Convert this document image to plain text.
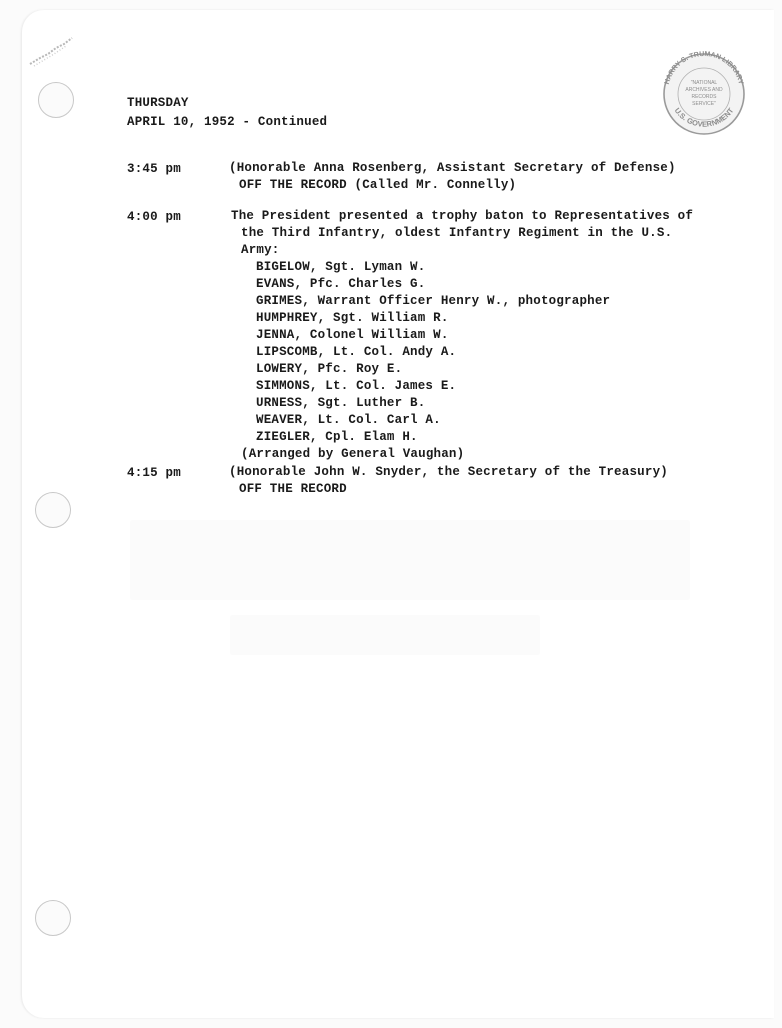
HARRY S. TRUMAN LIBRARY
U.S. GOVERNMENT
"NATIONAL
ARCHIVES AND
RECORDS
SERVICE"
THURSDAY
APRIL 10, 1952 - Continued
3:45 pm	(Honorable Anna Rosenberg, Assistant Secretary of Defense)
OFF THE RECORD (Called Mr. Connelly)
4:00 pm	The President presented a trophy baton to Representatives of
the Third Infantry, oldest Infantry Regiment in the U.S.
Army:
BIGELOW, Sgt. Lyman W.
EVANS, Pfc. Charles G.
GRIMES, Warrant Officer Henry W., photographer
HUMPHREY, Sgt. William R.
JENNA, Colonel William W.
LIPSCOMB, Lt. Col. Andy A.
LOWERY, Pfc. Roy E.
SIMMONS, Lt. Col. James E.
URNESS, Sgt. Luther B.
WEAVER, Lt. Col. Carl A.
ZIEGLER, Cpl. Elam H.
(Arranged by General Vaughan)
4:15 pm	(Honorable John W. Snyder, the Secretary of the Treasury)
OFF THE RECORD
